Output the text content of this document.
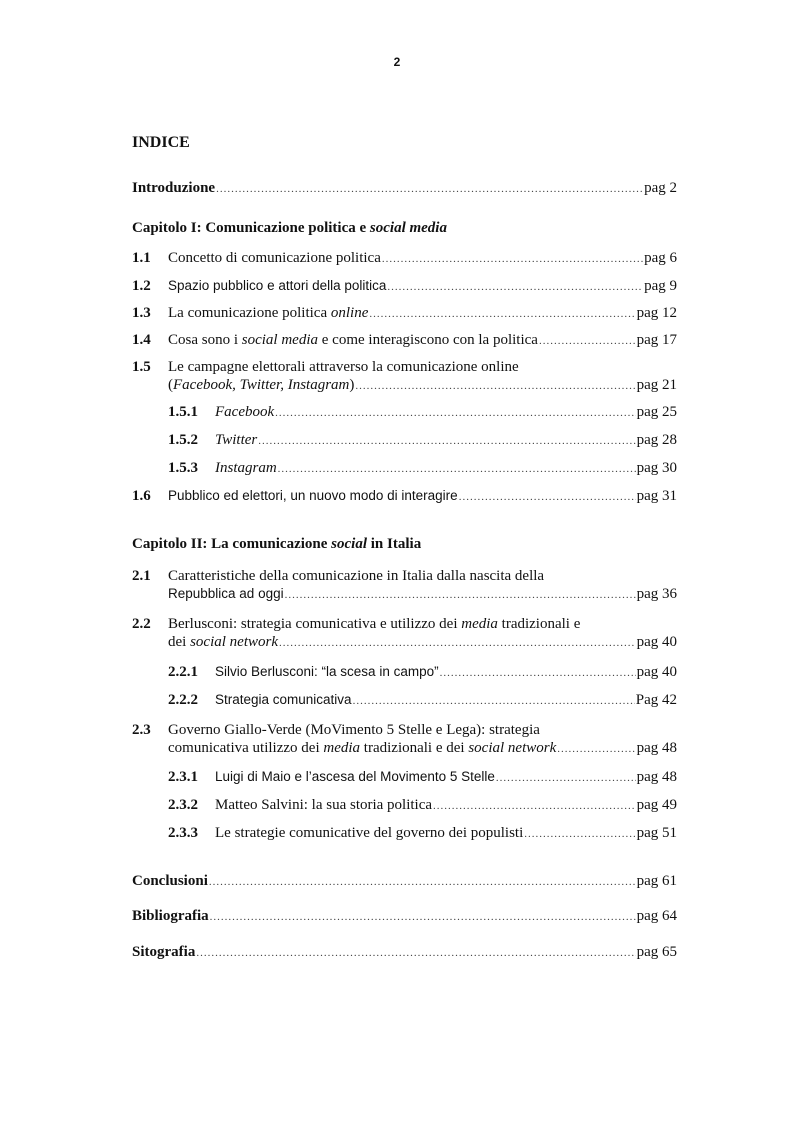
2
INDICE
Introduzione .....	pag 2
Capitolo I: Comunicazione politica e social media
1.1	Concetto di comunicazione politica .....	pag 6
1.2	Spazio pubblico e attori della politica .....	pag 9
1.3	La comunicazione politica online .....	pag 12
1.4	Cosa sono i social media e come interagiscono con la politica .....	pag 17
1.5	Le campagne elettorali attraverso la comunicazione online
(Facebook, Twitter, Instagram) .....	pag 21
1.5.1	Facebook .....	pag 25
1.5.2	Twitter .....	pag 28
1.5.3	Instagram .....	pag 30
1.6	Pubblico ed elettori, un nuovo modo di interagire .....	pag 31
Capitolo II: La comunicazione social in Italia
2.1	Caratteristiche della comunicazione in Italia dalla nascita della
Repubblica ad oggi .....	pag 36
2.2	Berlusconi: strategia comunicativa e utilizzo dei media tradizionali e
dei social network .....	pag 40
2.2.1	Silvio Berlusconi: “la scesa in campo” .....	pag 40
2.2.2	Strategia comunicativa .....	Pag 42
2.3	Governo Giallo-Verde (MoVimento 5 Stelle e Lega): strategia
comunicativa utilizzo dei media tradizionali e dei social network .....	pag 48
2.3.1	Luigi di Maio e l’ascesa del Movimento 5 Stelle .....	pag 48
2.3.2	Matteo Salvini: la sua storia politica .....	pag 49
2.3.3	Le strategie comunicative del governo dei populisti .....	pag 51
Conclusioni .....	pag 61
Bibliografia .....	pag 64
Sitografia .....	pag 65
